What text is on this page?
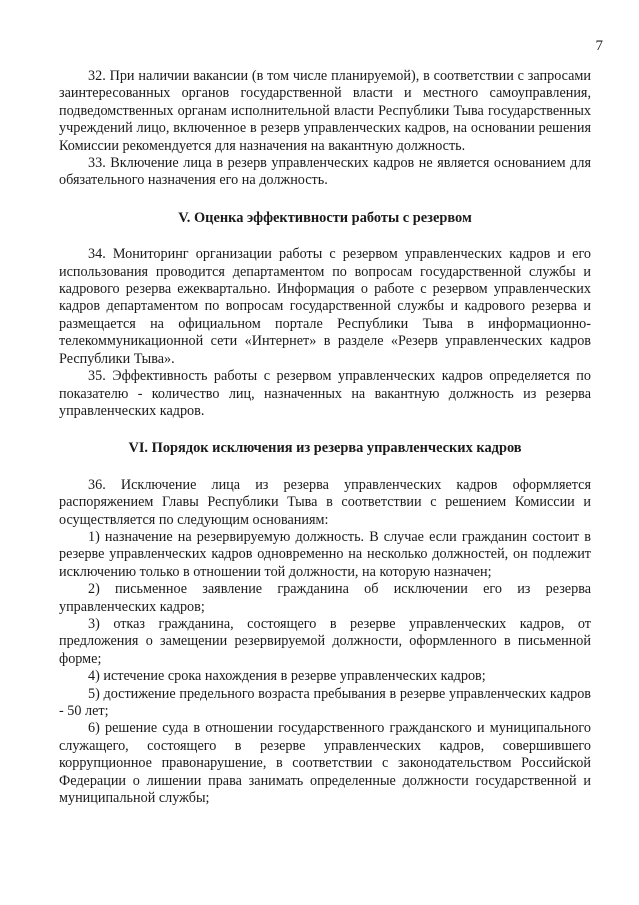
7

32. При наличии вакансии (в том числе планируемой), в соответствии с запросами заинтересованных органов государственной власти и местного самоуправления, подведомственных органам исполнительной власти Республики Тыва государственных учреждений лицо, включенное в резерв управленческих кадров, на основании решения Комиссии рекомендуется для назначения на вакантную должность.

33. Включение лица в резерв управленческих кадров не является основанием для обязательного назначения его на должность.

V. Оценка эффективности работы с резервом

34. Мониторинг организации работы с резервом управленческих кадров и его использования проводится департаментом по вопросам государственной службы и кадрового резерва ежеквартально. Информация о работе с резервом управленческих кадров департаментом по вопросам государственной службы и кадрового резерва и размещается на официальном портале Республики Тыва в информационно-телекоммуникационной сети «Интернет» в разделе «Резерв управленческих кадров Республики Тыва».

35. Эффективность работы с резервом управленческих кадров определяется по показателю - количество лиц, назначенных на вакантную должность из резерва управленческих кадров.

VI. Порядок исключения из резерва управленческих кадров

36. Исключение лица из резерва управленческих кадров оформляется распоряжением Главы Республики Тыва в соответствии с решением Комиссии и осуществляется по следующим основаниям:

1) назначение на резервируемую должность. В случае если гражданин состоит в резерве управленческих кадров одновременно на несколько должностей, он подлежит исключению только в отношении той должности, на которую назначен;

2) письменное заявление гражданина об исключении его из резерва управленческих кадров;

3) отказ гражданина, состоящего в резерве управленческих кадров, от предложения о замещении резервируемой должности, оформленного в письменной форме;

4) истечение срока нахождения в резерве управленческих кадров;

5) достижение предельного возраста пребывания в резерве управленческих кадров - 50 лет;

6) решение суда в отношении государственного гражданского и муниципального служащего, состоящего в резерве управленческих кадров, совершившего коррупционное правонарушение, в соответствии с законодательством Российской Федерации о лишении права занимать определенные должности государственной и муниципальной службы;
